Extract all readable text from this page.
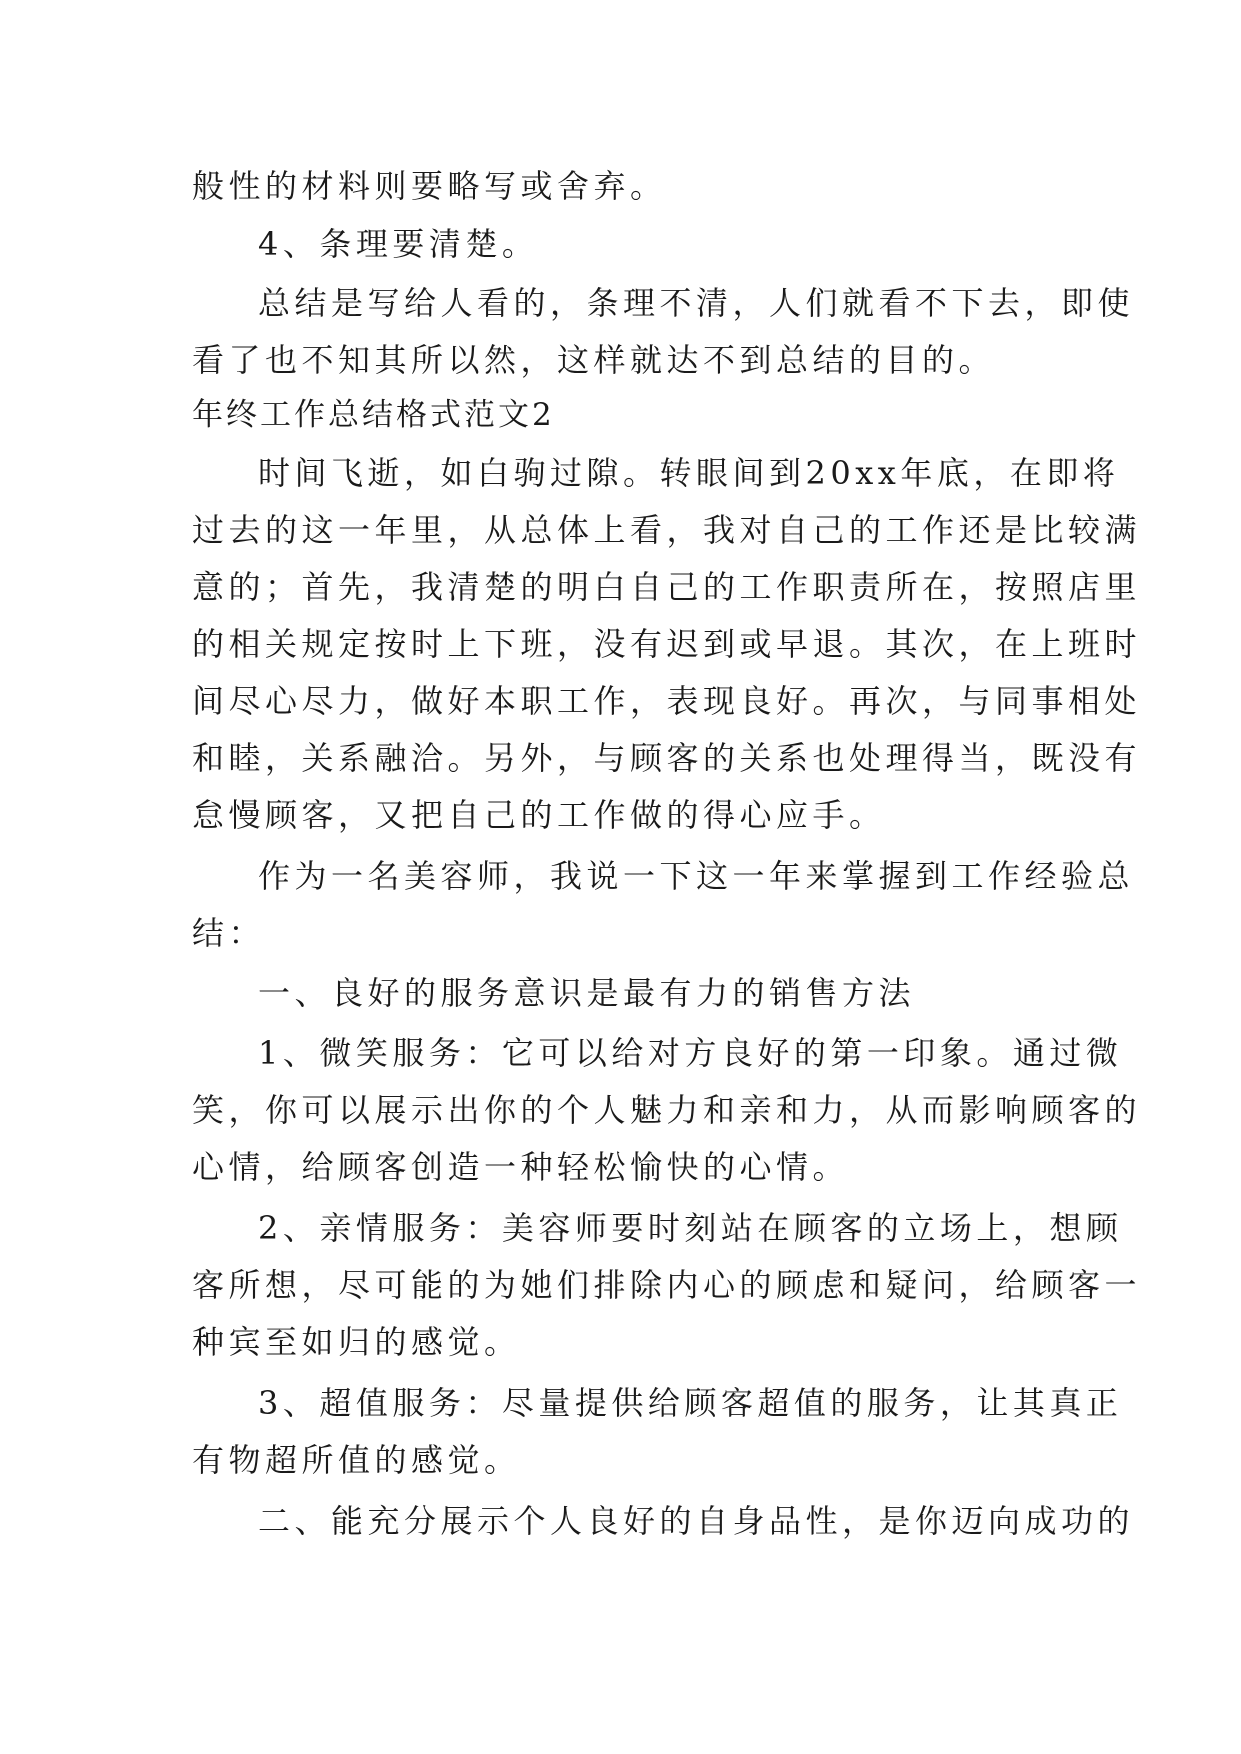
般性的材料则要略写或舍弃。
4、条理要清楚。
总结是写给人看的，条理不清，人们就看不下去，即使
看了也不知其所以然，这样就达不到总结的目的。
年终工作总结格式范文2
时间飞逝，如白驹过隙。转眼间到20xx年底，在即将
过去的这一年里，从总体上看，我对自己的工作还是比较满
意的；首先，我清楚的明白自己的工作职责所在，按照店里
的相关规定按时上下班，没有迟到或早退。其次，在上班时
间尽心尽力，做好本职工作，表现良好。再次，与同事相处
和睦，关系融洽。另外，与顾客的关系也处理得当，既没有
怠慢顾客，又把自己的工作做的得心应手。
作为一名美容师，我说一下这一年来掌握到工作经验总
结：
一、良好的服务意识是最有力的销售方法
1、微笑服务：它可以给对方良好的第一印象。通过微
笑，你可以展示出你的个人魅力和亲和力，从而影响顾客的
心情，给顾客创造一种轻松愉快的心情。
2、亲情服务：美容师要时刻站在顾客的立场上，想顾
客所想，尽可能的为她们排除内心的顾虑和疑问，给顾客一
种宾至如归的感觉。
3、超值服务：尽量提供给顾客超值的服务，让其真正
有物超所值的感觉。
二、能充分展示个人良好的自身品性，是你迈向成功的
